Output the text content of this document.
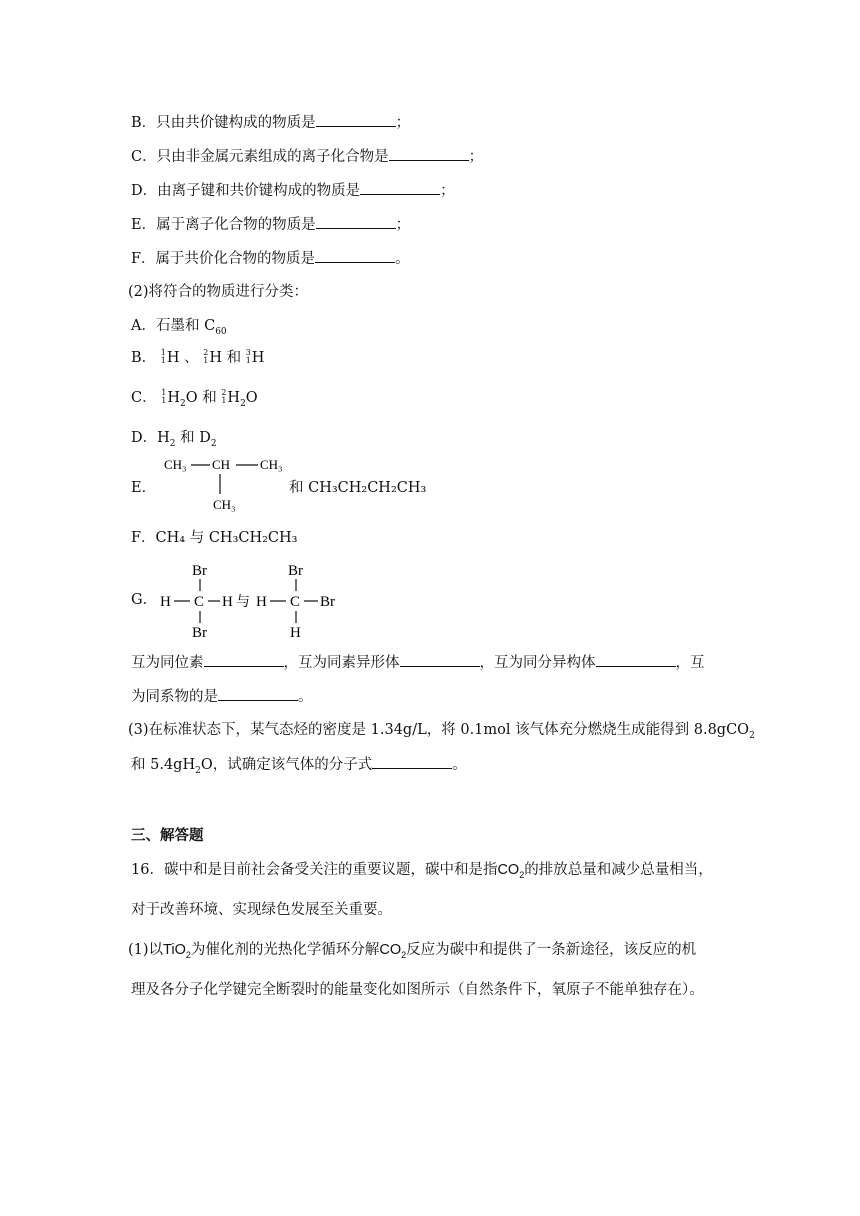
B．只由共价键构成的物质是	；
C．只由非金属元素组成的离子化合物是	；
D．由离子键和共价键构成的物质是	；
E．属于离子化合物的物质是	；
F．属于共价化合物的物质是	。
(2)将符合的物质进行分类：
A．石墨和 $C_{60}$
B． 1
1 H 、 2
1 H 和 3
1 H
C． 1
1 $H_2O$ 和 2
1 $H_2O$
D．$H_2$ 和 $D_2$
E．
CH₃ CH CH₃
CH₃
和 CH₃CH₂CH₂CH₃
F．CH₄ 与 CH₃CH₂CH₃
G．
Br
H C H
Br
与
Br
H C Br
H
互为同位素	，互为同素异形体	，互为同分异构体	，互
为同系物的是	。
(3)在标准状态下，某气态烃的密度是 1.34g/L，将 0.1mol 该气体充分燃烧生成能得到 8.8gCO$_2$
和 $5.4gH_2O$，试确定该气体的分子式	。
三、解答题
16．碳中和是目前社会备受关注的重要议题，碳中和是指$CO_2$的排放总量和减少总量相当，
对于改善环境、实现绿色发展至关重要。
(1)以TiO$_2$为催化剂的光热化学循环分解$CO_2$反应为碳中和提供了一条新途径，该反应的机
理及各分子化学键完全断裂时的能量变化如图所示（自然条件下，氧原子不能单独存在）。
